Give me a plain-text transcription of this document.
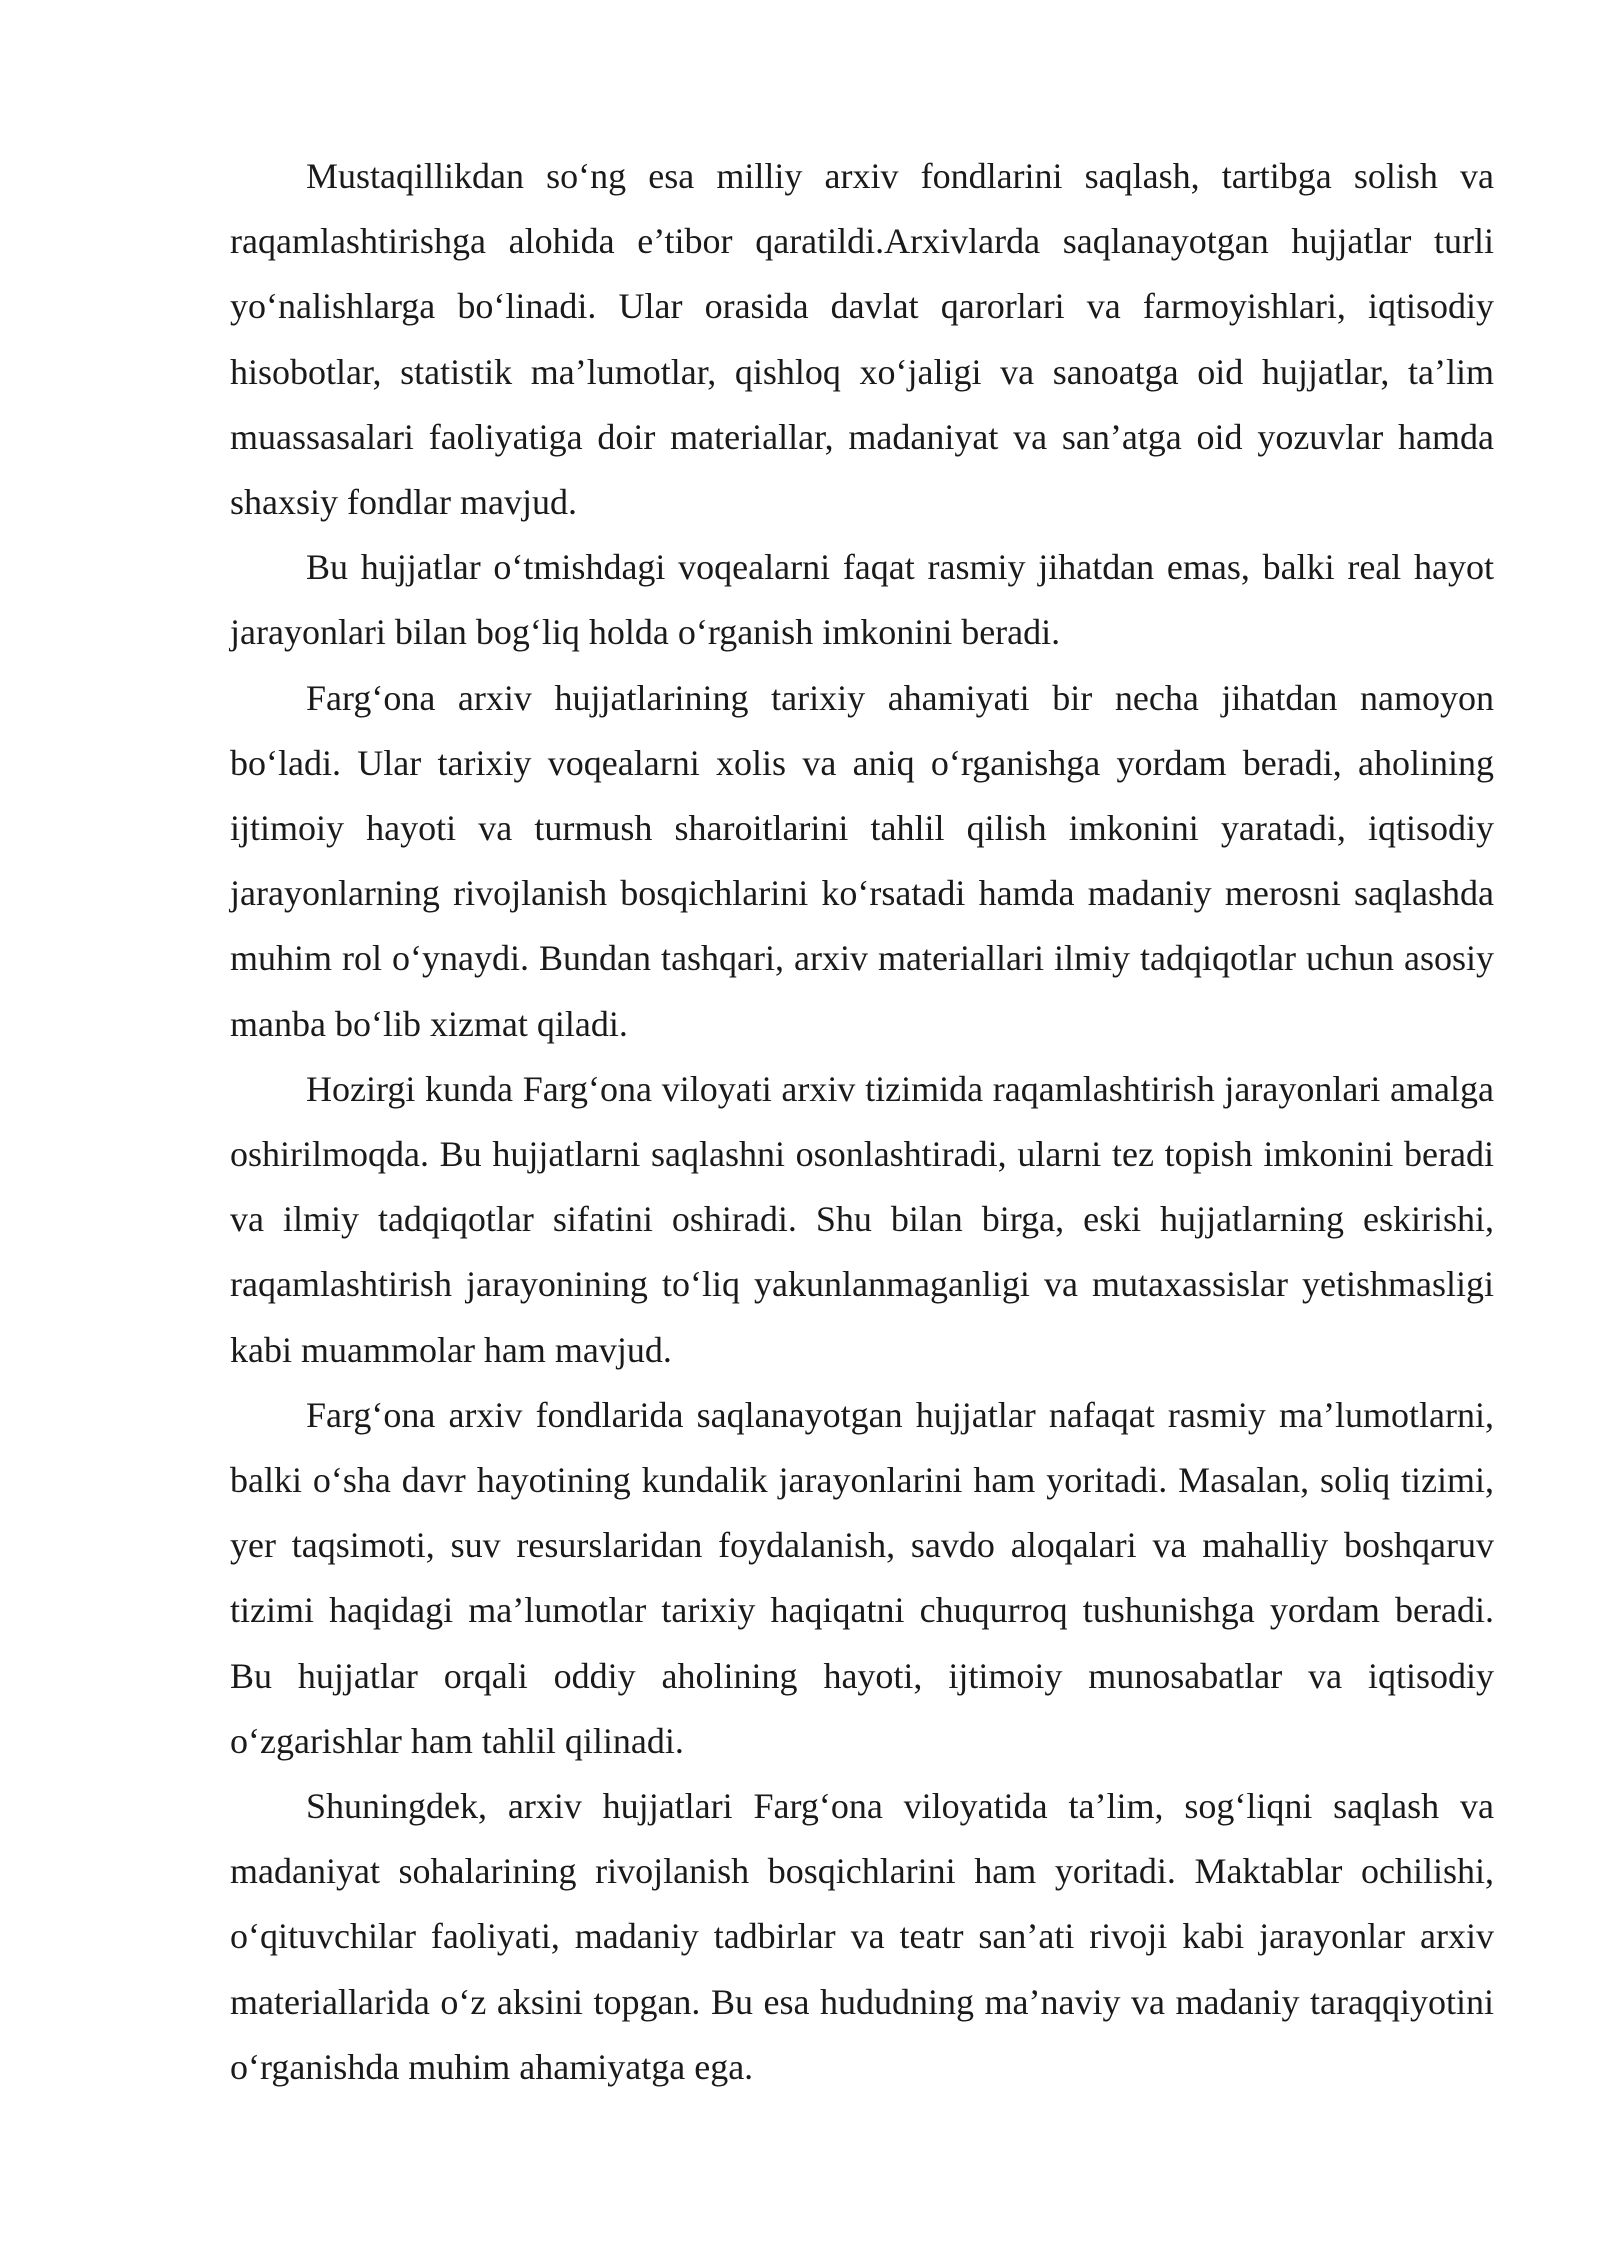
Mustaqillikdan so‘ng esa milliy arxiv fondlarini saqlash, tartibga solish va raqamlashtirishga alohida e’tibor qaratildi.Arxivlarda saqlanayotgan hujjatlar turli yo‘nalishlarga bo‘linadi. Ular orasida davlat qarorlari va farmoyishlari, iqtisodiy hisobotlar, statistik ma’lumotlar, qishloq xo‘jaligi va sanoatga oid hujjatlar, ta’lim muassasalari faoliyatiga doir materiallar, madaniyat va san’atga oid yozuvlar hamda shaxsiy fondlar mavjud.

Bu hujjatlar o‘tmishdagi voqealarni faqat rasmiy jihatdan emas, balki real hayot jarayonlari bilan bog‘liq holda o‘rganish imkonini beradi.

Farg‘ona arxiv hujjatlarining tarixiy ahamiyati bir necha jihatdan namoyon bo‘ladi. Ular tarixiy voqealarni xolis va aniq o‘rganishga yordam beradi, aholining ijtimoiy hayoti va turmush sharoitlarini tahlil qilish imkonini yaratadi, iqtisodiy jarayonlarning rivojlanish bosqichlarini ko‘rsatadi hamda madaniy merosni saqlashda muhim rol o‘ynaydi. Bundan tashqari, arxiv materiallari ilmiy tadqiqotlar uchun asosiy manba bo‘lib xizmat qiladi.

Hozirgi kunda Farg‘ona viloyati arxiv tizimida raqamlashtirish jarayonlari amalga oshirilmoqda. Bu hujjatlarni saqlashni osonlashtiradi, ularni tez topish imkonini beradi va ilmiy tadqiqotlar sifatini oshiradi. Shu bilan birga, eski hujjatlarning eskirishi, raqamlashtirish jarayonining to‘liq yakunlanmaganligi va mutaxassislar yetishmasligi kabi muammolar ham mavjud.

Farg‘ona arxiv fondlarida saqlanayotgan hujjatlar nafaqat rasmiy ma’lumotlarni, balki o‘sha davr hayotining kundalik jarayonlarini ham yoritadi. Masalan, soliq tizimi, yer taqsimoti, suv resurslaridan foydalanish, savdo aloqalari va mahalliy boshqaruv tizimi haqidagi ma’lumotlar tarixiy haqiqatni chuqurroq tushunishga yordam beradi. Bu hujjatlar orqali oddiy aholining hayoti, ijtimoiy munosabatlar va iqtisodiy o‘zgarishlar ham tahlil qilinadi.

Shuningdek, arxiv hujjatlari Farg‘ona viloyatida ta’lim, sog‘liqni saqlash va madaniyat sohalarining rivojlanish bosqichlarini ham yoritadi. Maktablar ochilishi, o‘qituvchilar faoliyati, madaniy tadbirlar va teatr san’ati rivoji kabi jarayonlar arxiv materiallarida o‘z aksini topgan. Bu esa hududning ma’naviy va madaniy taraqqiyotini o‘rganishda muhim ahamiyatga ega.
